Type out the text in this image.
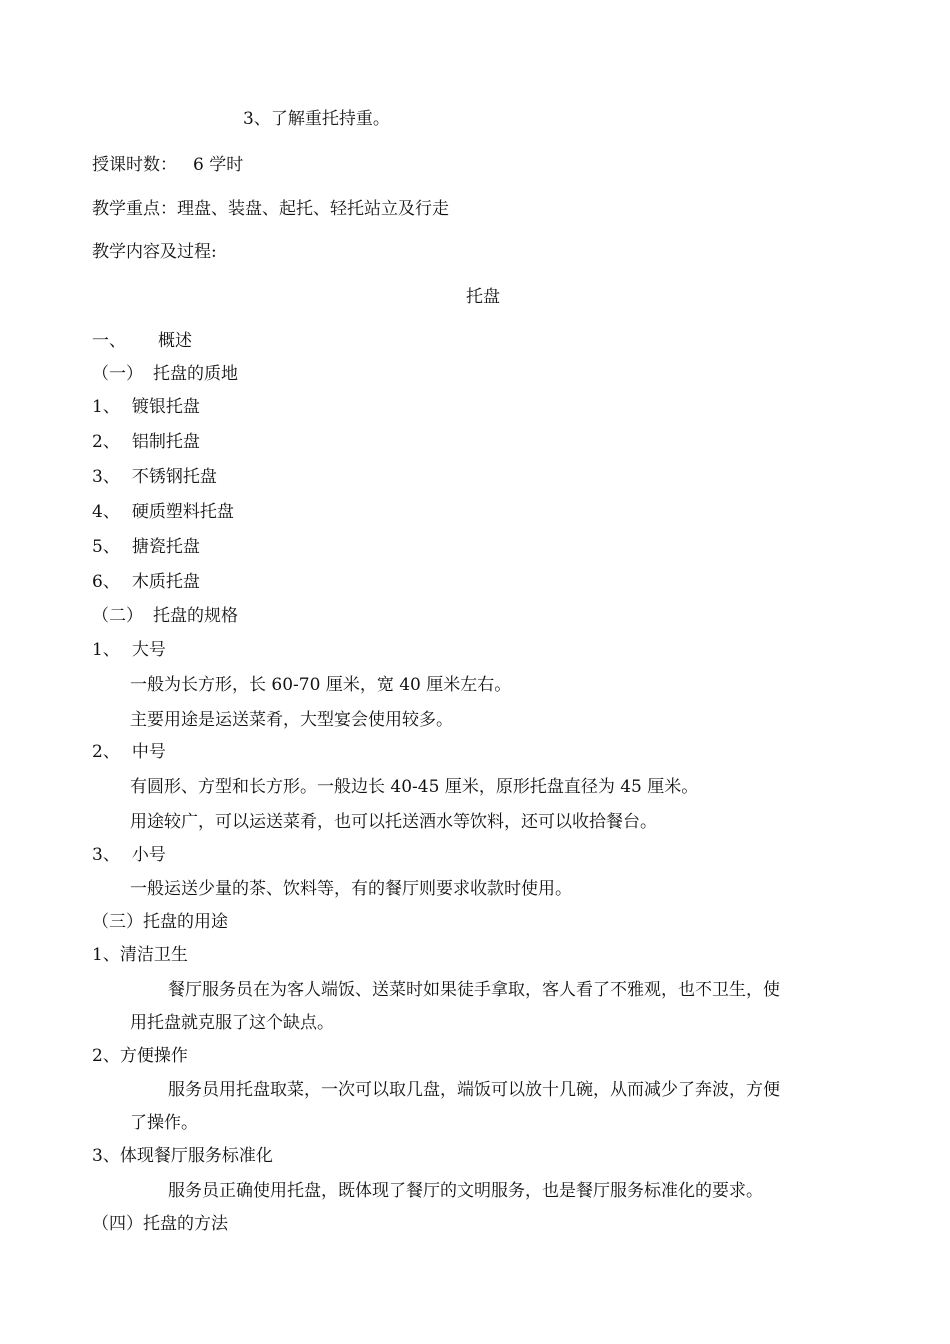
3、了解重托持重。
授课时数： 6 学时
教学重点：理盘、装盘、起托、轻托站立及行走
教学内容及过程:
托盘
一、 概述
（一） 托盘的质地
1、 镀银托盘
2、 铝制托盘
3、 不锈钢托盘
4、 硬质塑料托盘
5、 搪瓷托盘
6、 木质托盘
（二） 托盘的规格
1、 大号
一般为长方形，长 60-70 厘米，宽 40 厘米左右。
主要用途是运送菜肴，大型宴会使用较多。
2、 中号
有圆形、方型和长方形。一般边长 40-45 厘米，原形托盘直径为 45 厘米。
用途较广，可以运送菜肴，也可以托送酒水等饮料，还可以收拾餐台。
3、 小号
一般运送少量的茶、饮料等，有的餐厅则要求收款时使用。
（三）托盘的用途
1、清洁卫生
餐厅服务员在为客人端饭、送菜时如果徒手拿取，客人看了不雅观，也不卫生，使
用托盘就克服了这个缺点。
2、方便操作
服务员用托盘取菜，一次可以取几盘，端饭可以放十几碗，从而减少了奔波，方便
了操作。
3、体现餐厅服务标准化
服务员正确使用托盘，既体现了餐厅的文明服务，也是餐厅服务标准化的要求。
（四）托盘的方法
